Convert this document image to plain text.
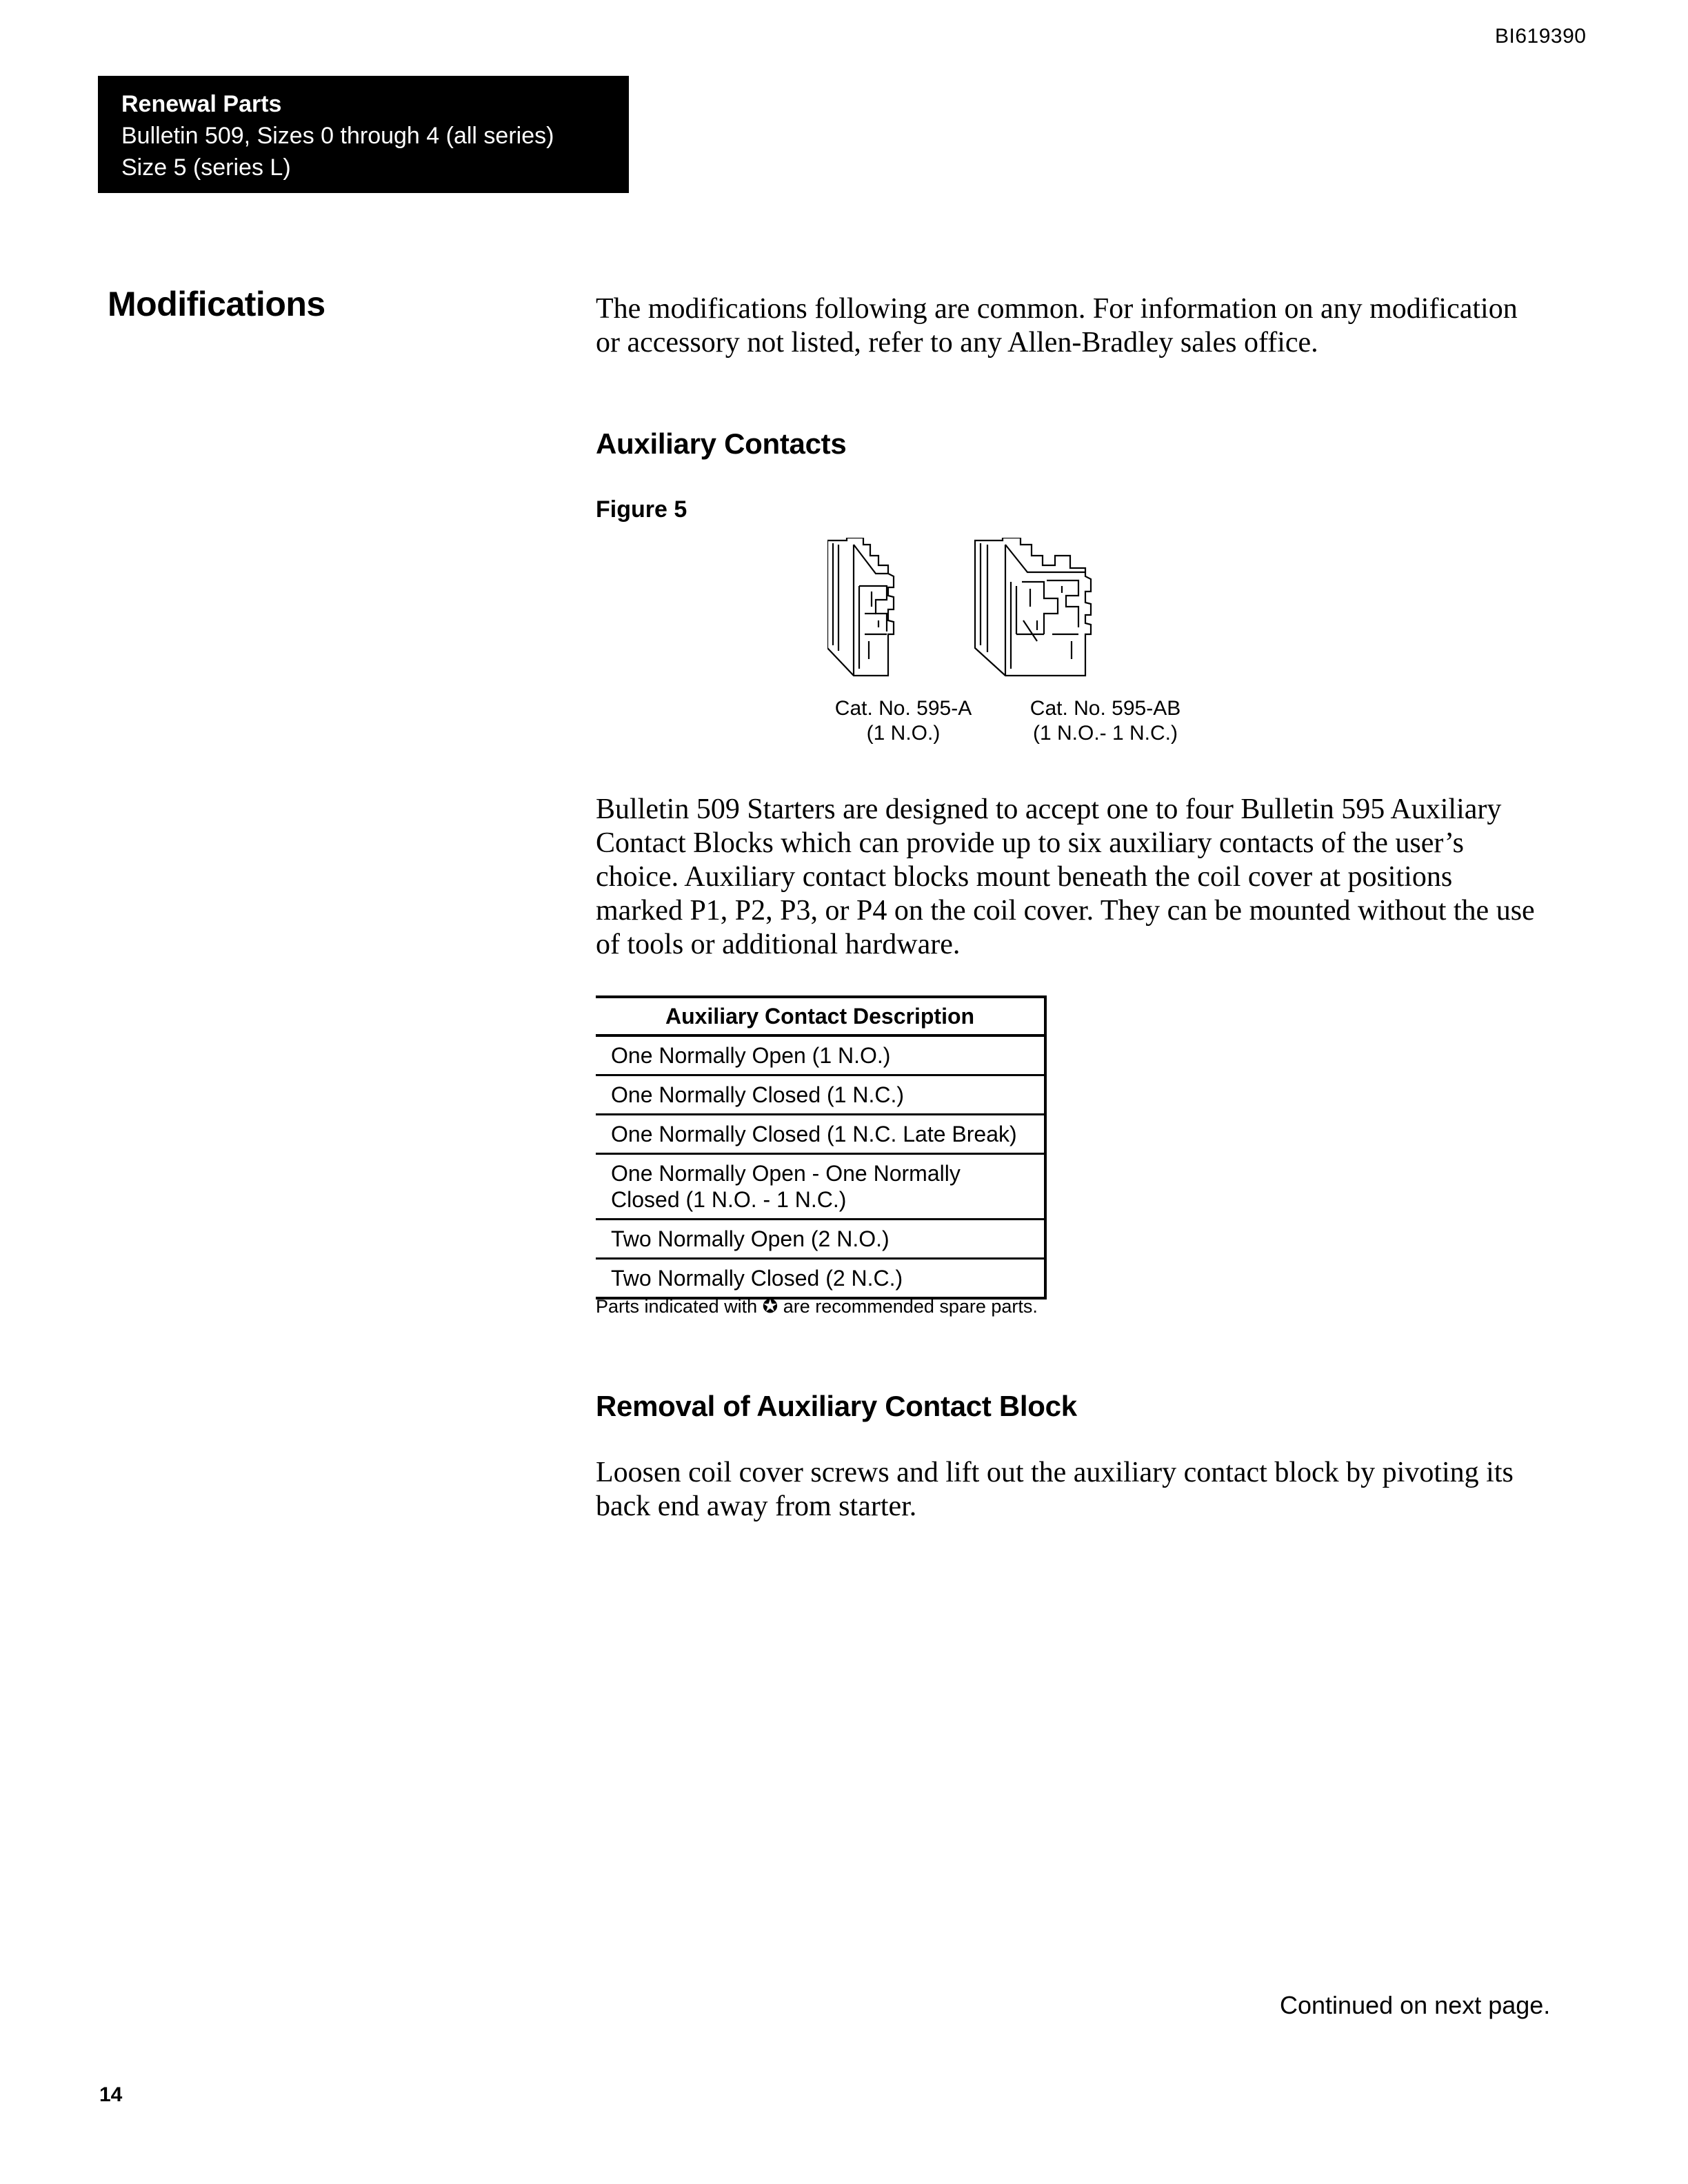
BI619390
Renewal Parts
Bulletin 509, Sizes 0 through 4 (all series)
Size 5 (series L)
Modifications	The modifications following are common. For information on any modification or accessory not listed, refer to any Allen-Bradley sales office.
Auxiliary Contacts
Figure 5
Cat. No. 595-A
(1 N.O.)
Cat. No. 595-AB
(1 N.O.- 1 N.C.)
Bulletin 509 Starters are designed to accept one to four Bulletin 595 Auxiliary Contact Blocks which can provide up to six auxiliary contacts of the user’s choice. Auxiliary contact blocks mount beneath the coil cover at positions marked P1, P2, P3, or P4 on the coil cover. They can be mounted without the use of tools or additional hardware.
Auxiliary Contact Description
One Normally Open (1 N.O.)
One Normally Closed (1 N.C.)
One Normally Closed (1 N.C. Late Break)
One Normally Open - One Normally Closed (1 N.O. - 1 N.C.)
Two Normally Open (2 N.O.)
Two Normally Closed (2 N.C.)
Parts indicated with ✪ are recommended spare parts.
Removal of Auxiliary Contact Block
Loosen coil cover screws and lift out the auxiliary contact block by pivoting its back end away from starter.
Continued on next page.
14
